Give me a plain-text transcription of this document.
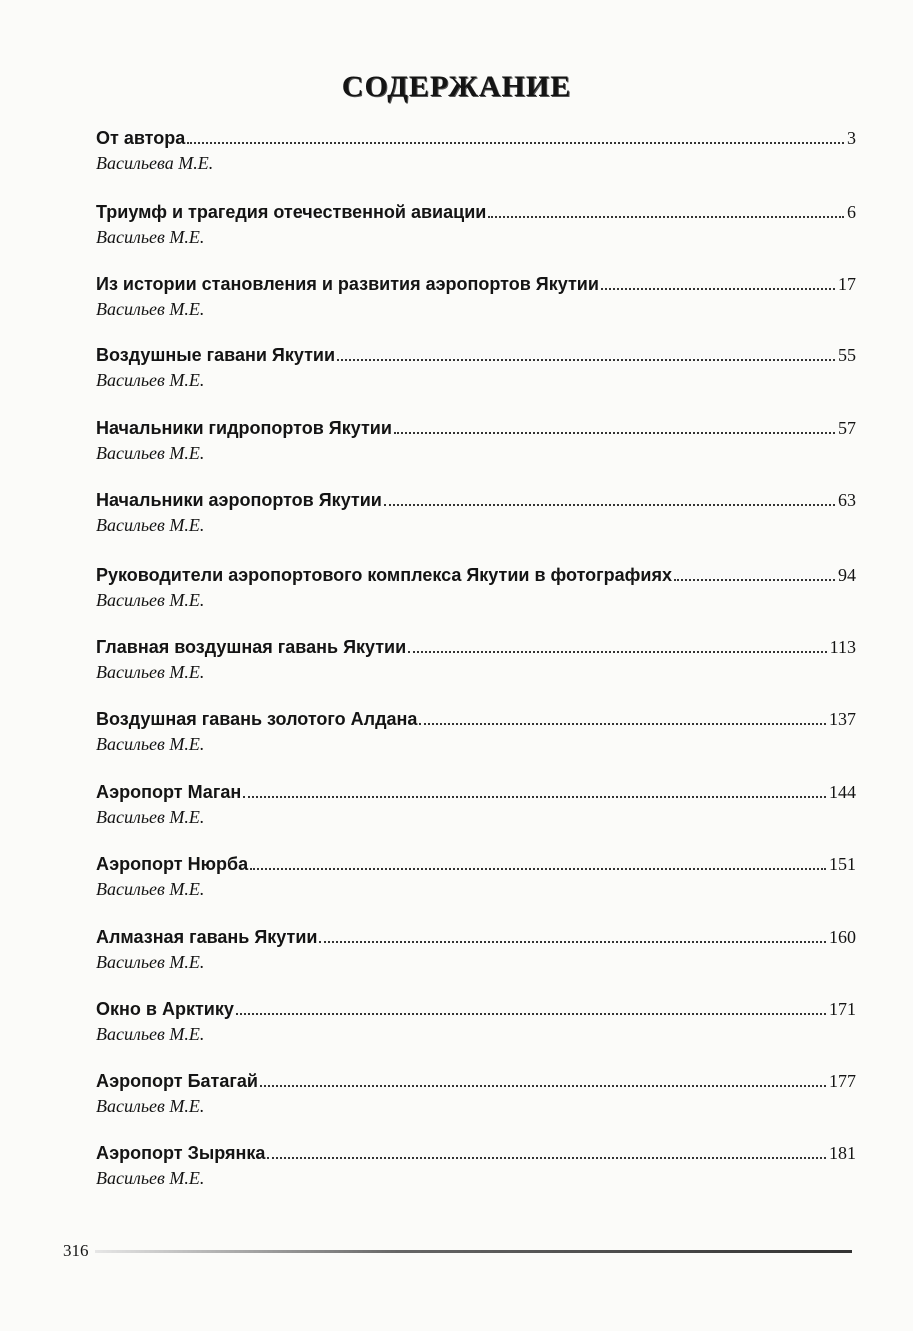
СОДЕРЖАНИЕ
От автора	3
Васильева М.Е.
Триумф и трагедия отечественной авиации	6
Васильев М.Е.
Из истории становления и развития аэропортов Якутии	17
Васильев М.Е.
Воздушные гавани Якутии	55
Васильев М.Е.
Начальники гидропортов Якутии	57
Васильев М.Е.
Начальники аэропортов Якутии	63
Васильев М.Е.
Руководители аэропортового комплекса Якутии в фотографиях	94
Васильев М.Е.
Главная воздушная гавань Якутии	113
Васильев М.Е.
Воздушная гавань золотого Алдана	137
Васильев М.Е.
Аэропорт Маган	144
Васильев М.Е.
Аэропорт Нюрба	151
Васильев М.Е.
Алмазная гавань Якутии	160
Васильев М.Е.
Окно в Арктику	171
Васильев М.Е.
Аэропорт Батагай	177
Васильев М.Е.
Аэропорт Зырянка	181
Васильев М.Е.
316
